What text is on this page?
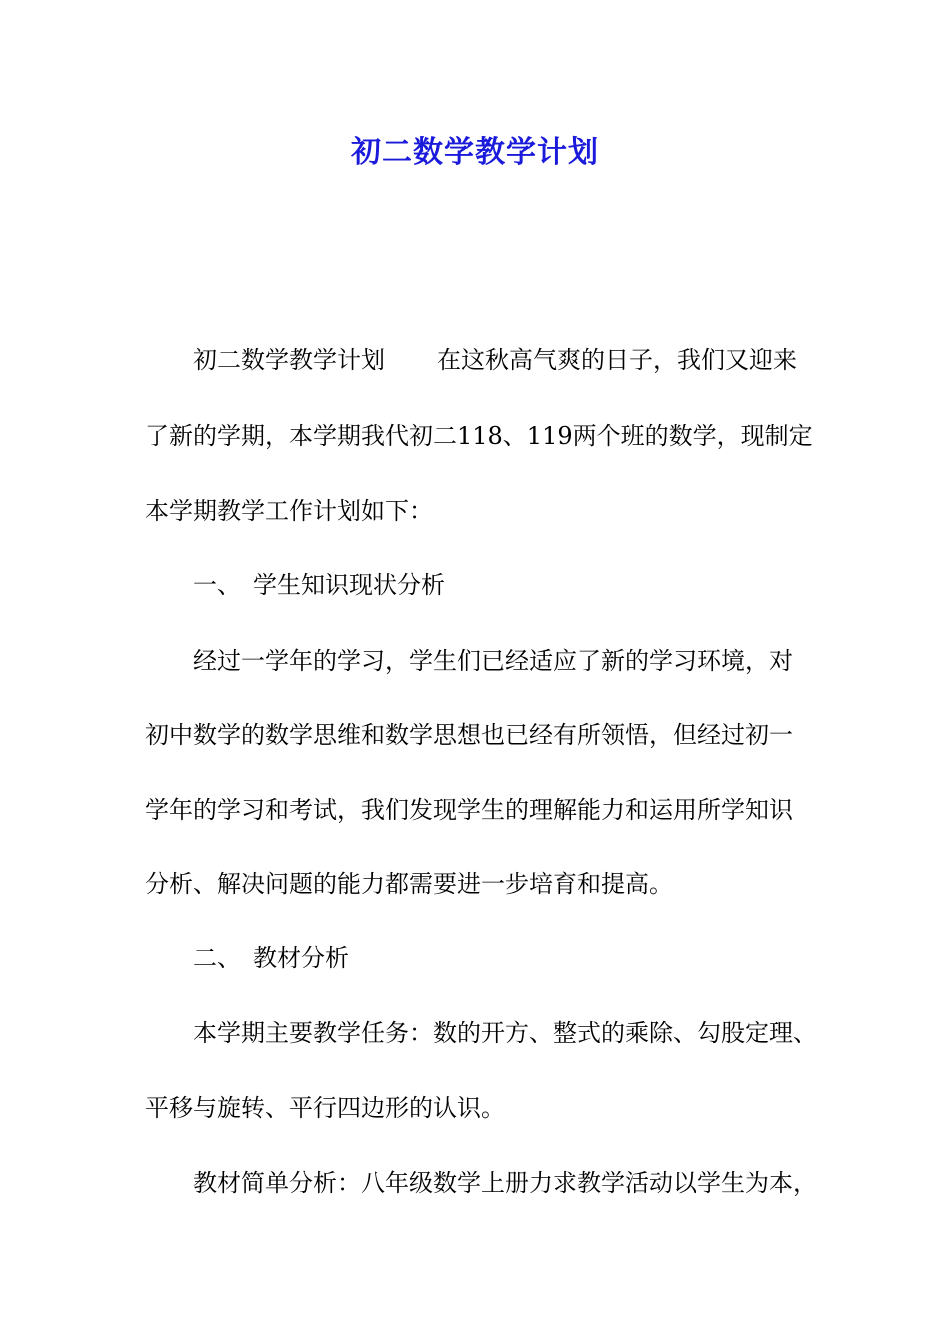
初二数学教学计划
初二数学教学计划 在这秋高气爽的日子，我们又迎来
了新的学期，本学期我代初二118、119两个班的数学，现制定
本学期教学工作计划如下：
一、 学生知识现状分析
经过一学年的学习，学生们已经适应了新的学习环境，对
初中数学的数学思维和数学思想也已经有所领悟，但经过初一
学年的学习和考试，我们发现学生的理解能力和运用所学知识
分析、解决问题的能力都需要进一步培育和提高。
二、 教材分析
本学期主要教学任务：数的开方、整式的乘除、勾股定理、
平移与旋转、平行四边形的认识。
教材简单分析：八年级数学上册力求教学活动以学生为本，
